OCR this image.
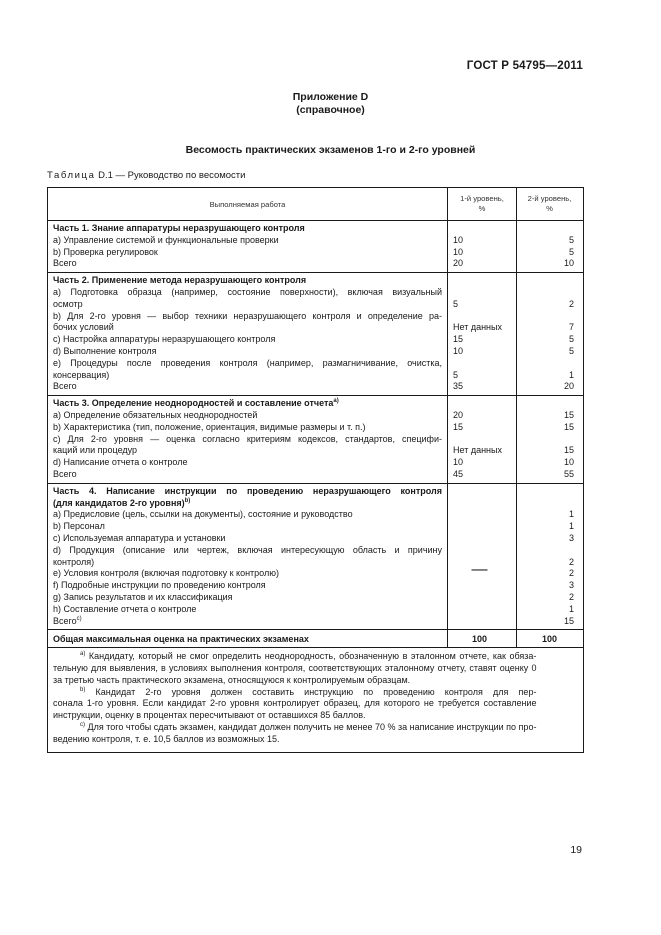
ГОСТ Р 54795—2011
Приложение D
(справочное)
Весомость практических экзаменов 1-го и 2-го уровней
Таблица D.1 — Руководство по весомости
Выполняемая работа
1-й уровень,
%
2-й уровень,
%
Часть 1. Знание аппаратуры неразрушающего контроля
а) Управление системой и функциональные проверки
b) Проверка регулировок
Всего
10
10
20
5
5
10
Часть 2. Применение метода неразрушающего контроля
а) Подготовка образца (например, состояние поверхности), включая визуальный
осмотр
b) Для 2-го уровня — выбор техники неразрушающего контроля и определение ра-
бочих условий
с) Настройка аппаратуры неразрушающего контроля
d) Выполнение контроля
е) Процедуры после проведения контроля (например, размагничивание, очистка,
консервация)
Всего
5
Нет данных
15
10
5
35
2
7
5
5
1
20
Часть 3. Определение неоднородностей и составление отчета$^{а)}$
а) Определение обязательных неоднородностей
b) Характеристика (тип, положение, ориентация, видимые размеры и т. п.)
с) Для 2-го уровня — оценка согласно критериям кодексов, стандартов, специфи-
каций или процедур
d) Написание отчета о контроле
Всего
20
15
Нет данных
10
45
15
15
15
10
55
Часть 4. Написание инструкции по проведению неразрушающего контроля
(для кандидатов 2-го уровня)$^{b)}$
а) Предисловие (цель, ссылки на документы), состояние и руководство
b) Персонал
с) Используемая аппаратура и установки
d) Продукция (описание или чертеж, включая интересующую область и причину
контроля)
е) Условия контроля (включая подготовку к контролю)
f) Подробные инструкции по проведению контроля
g) Запись результатов и их классификация
h) Составление отчета о контроле
Всего$^{с)}$
—
1
1
3
2
2
3
2
1
15
Общая максимальная оценка на практических экзаменах	100	100
$^{а)}$ Кандидату, который не смог определить неоднородность, обозначенную в эталонном отчете, как обяза-
тельную для выявления, в условиях выполнения контроля, соответствующих эталонному отчету, ставят оценку 0
за третью часть практического экзамена, относящуюся к контролируемым образцам.
$^{b)}$ Кандидат 2-го уровня должен составить инструкцию по проведению контроля для пер-
сонала 1-го уровня. Если кандидат 2-го уровня контролирует образец, для которого не требуется составление
инструкции, оценку в процентах пересчитывают от оставшихся 85 баллов.
$^{с)}$ Для того чтобы сдать экзамен, кандидат должен получить не менее 70 % за написание инструкции по про-
ведению контроля, т. е. 10,5 баллов из возможных 15.
19
